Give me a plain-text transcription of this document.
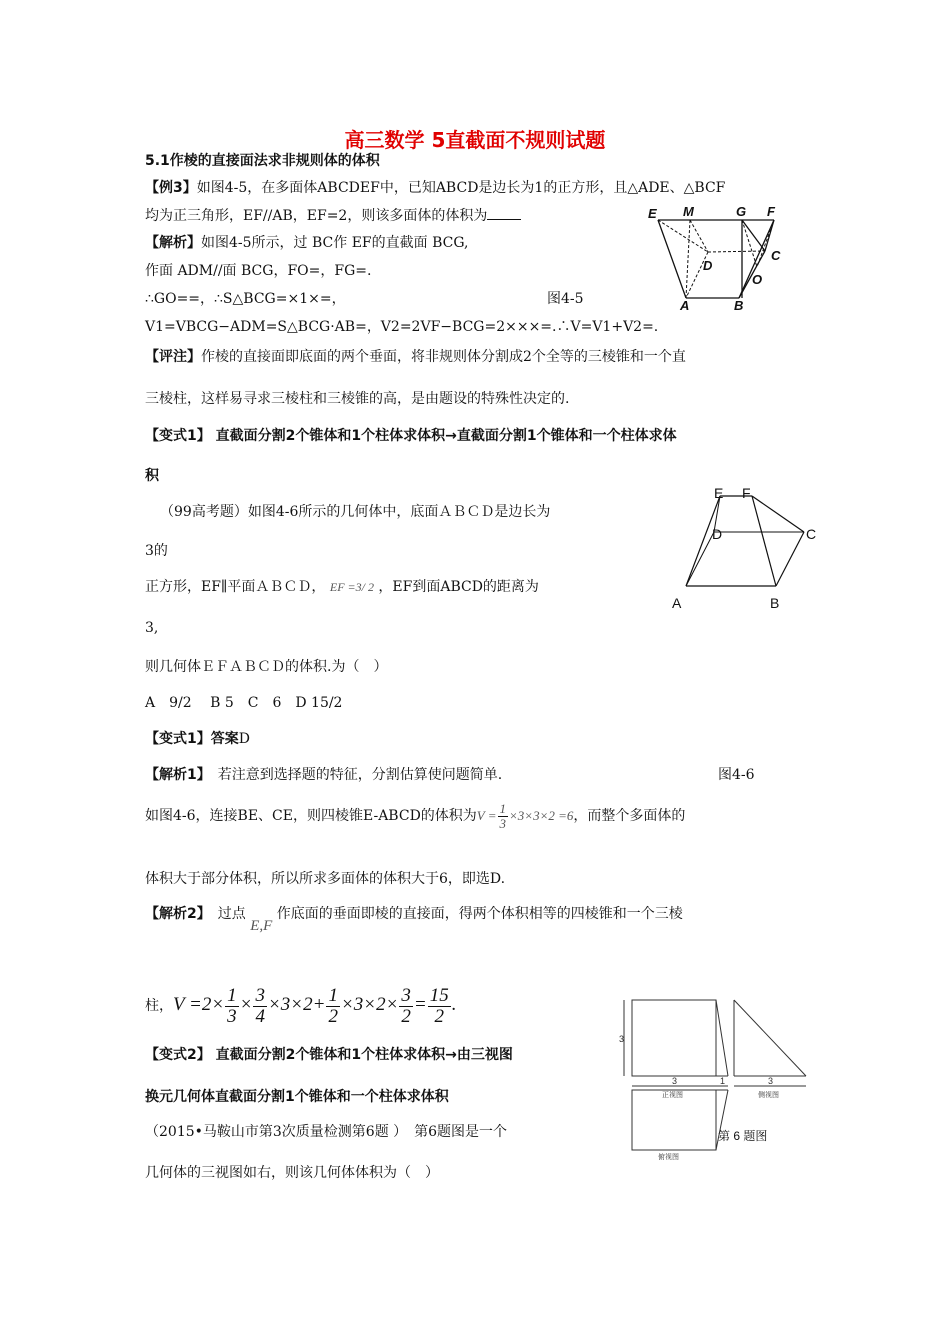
高三数学 5直截面不规则试题
5.1作棱的直接面法求非规则体的体积
【例3】如图4-5，在多面体ABCDEF中，已知ABCD是边长为1的正方形，且△ADE、△BCF
均为正三角形，EF//AB，EF=2，则该多面体的体积为
【解析】如图4-5所示，过 BC作 EF的直截面 BCG,
作面 ADM//面 BCG，FO=，FG=.
∴GO==，∴S△BCG=×1×=，	图4-5
V1=VBCG−ADM=S△BCG·AB=，V2=2VF−BCG=2×××=.∴V=V1+V2=.
E M	G F
D
C
O
A	B
【评注】作棱的直接面即底面的两个垂面，将非规则体分割成2个全等的三棱锥和一个直
三棱柱，这样易寻求三棱柱和三棱锥的高，是由题设的特殊性决定的.
【变式1】 直截面分割2个锥体和1个柱体求体积→直截面分割1个锥体和一个柱体求体
积
（99高考题）如图4-6所示的几何体中，底面ＡＢＣＤ是边长为
3的
正方形，EF∥平面ＡＢＣＤ， EF =3/ 2 ，EF到面ABCD的距离为
3,
则几何体ＥＦＡＢＣＤ的体积.为（　）
A　9/2　 B 5　C　6　D 15/2
【变式1】答案D
E F
D	C
A	B
【解析1】　 若注意到选择题的特征，分割估算使问题简单.	图4-6
如图4-6，连接BE、CE，则四棱锥E-ABCD的体积为$V = \frac{1}{3} \times 3\times 3\times 2 =6$，而整个多面体的
体积大于部分体积，所以所求多面体的体积大于6，即选D.
【解析2】　 过点 E,F 作底面的垂面即棱的直接面，得两个体积相等的四棱锥和一个三棱
柱，$V =2\times \frac{1}{3} \times \frac{3}{4} \times 3\times 2+ \frac{1}{2} \times 3\times 2\times \frac{3}{2} = \frac{15}{2}$ .
【变式2】 直截面分割2个锥体和1个柱体求体积→由三视图
换元几何体直截面分割1个锥体和一个柱体求体积
（2015•马鞍山市第3次质量检测第6题 ）　第6题图是一个
几何体的三视图如右，则该几何体体积为（　）
3
3	1	3
正视图	侧视图
俯视图
第 6 题图
